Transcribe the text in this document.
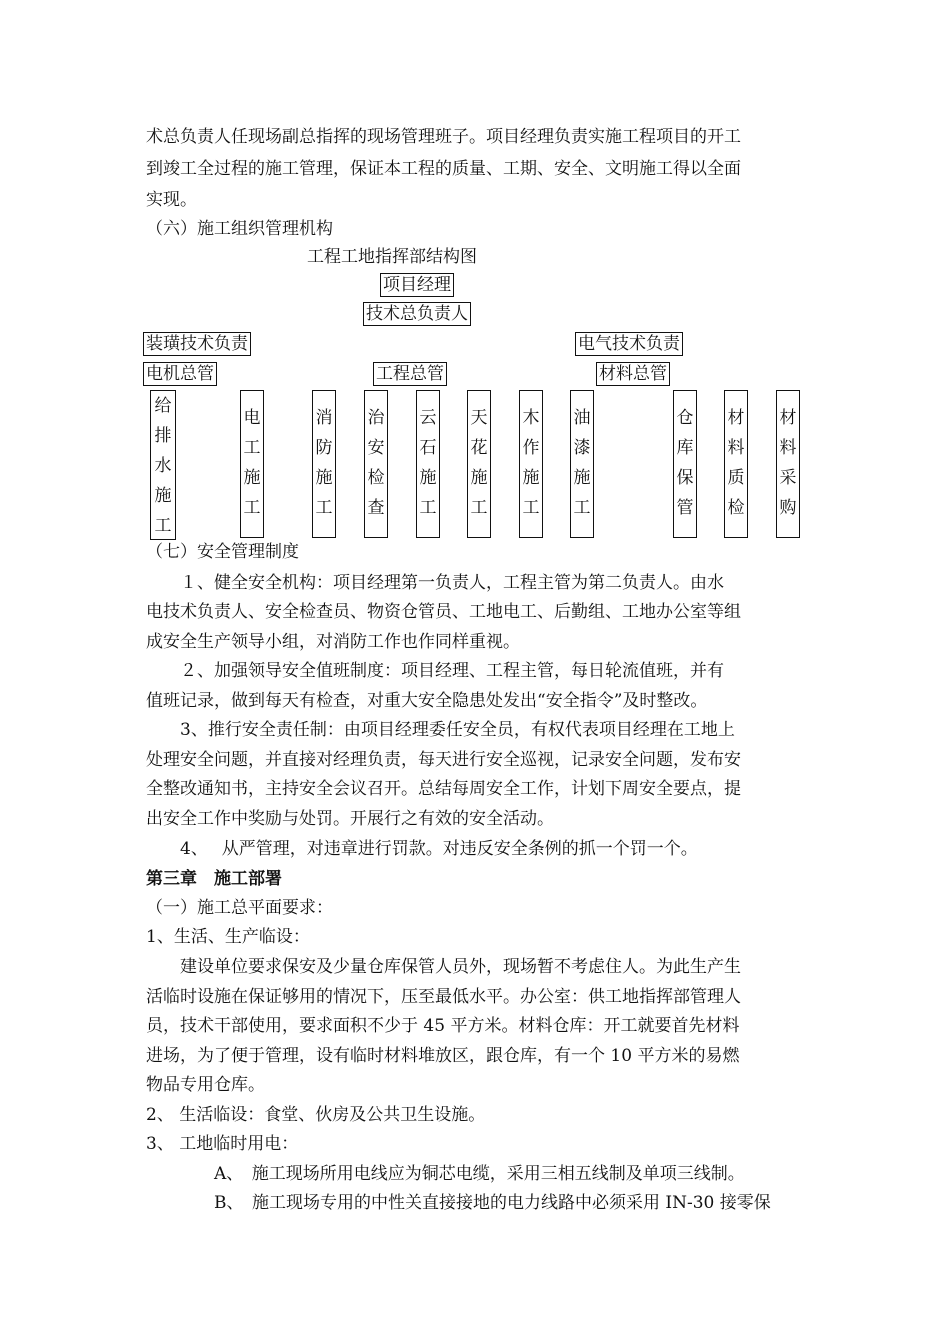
术总负责人任现场副总指挥的现场管理班子。项目经理负责实施工程项目的开工
到竣工全过程的施工管理，保证本工程的质量、工期、安全、文明施工得以全面
实现。
（六）施工组织管理机构
工程工地指挥部结构图
项目经理
技术总负责人
装璜技术负责	电气技术负责
电机总管	工程总管	材料总管
给排水施工
电工施工
消防施工
治安检查
云石施工
天花施工
木作施工
油漆施工
仓库保管
材料质检
材料采购
（七）安全管理制度
　　１、健全安全机构：项目经理第一负责人，工程主管为第二负责人。由水
电技术负责人、安全检查员、物资仓管员、工地电工、后勤组、工地办公室等组
成安全生产领导小组，对消防工作也作同样重视。
　　２、加强领导安全值班制度：项目经理、工程主管，每日轮流值班，并有
值班记录，做到每天有检查，对重大安全隐患处发出“安全指令”及时整改。
　　3、推行安全责任制：由项目经理委任安全员，有权代表项目经理在工地上
处理安全问题，并直接对经理负责，每天进行安全巡视，记录安全问题，发布安
全整改通知书，主持安全会议召开。总结每周安全工作，计划下周安全要点，提
出安全工作中奖励与处罚。开展行之有效的安全活动。
　　4、　 从严管理，对违章进行罚款。对违反安全条例的抓一个罚一个。
第三章　施工部署
（一）施工总平面要求：
1、生活、生产临设：
　　建设单位要求保安及少量仓库保管人员外，现场暂不考虑住人。为此生产生
活临时设施在保证够用的情况下，压至最低水平。办公室：供工地指挥部管理人
员，技术干部使用，要求面积不少于 45 平方米。材料仓库：开工就要首先材料
进场，为了便于管理，设有临时材料堆放区，跟仓库，有一个 10 平方米的易燃
物品专用仓库。
2、 生活临设：食堂、伙房及公共卫生设施。
3、 工地临时用电：
　　　　A、　施工现场所用电线应为铜芯电缆，采用三相五线制及单项三线制。
　　　　B、　施工现场专用的中性关直接接地的电力线路中必须采用 IN-30 接零保
